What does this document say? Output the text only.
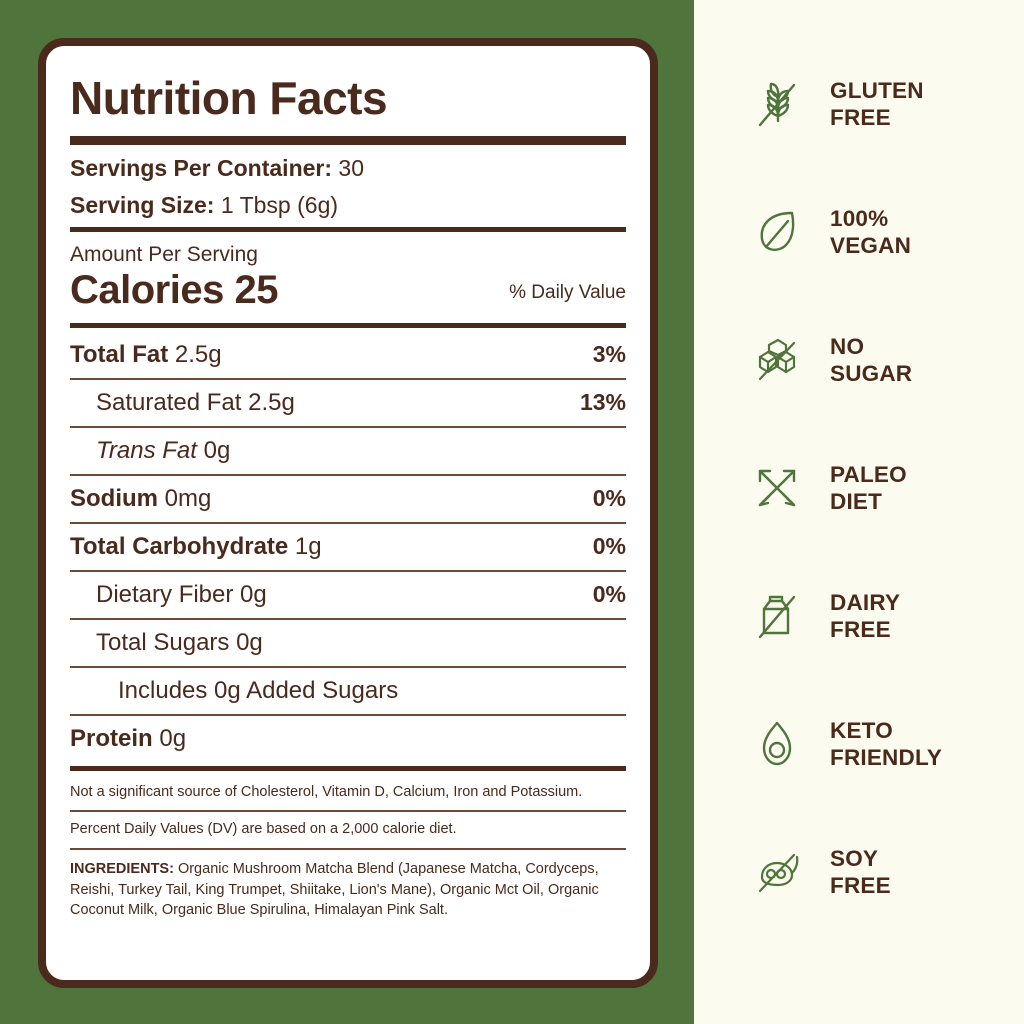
Nutrition Facts
Servings Per Container: 30
Serving Size: 1 Tbsp (6g)
Amount Per Serving
Calories 25	% Daily Value
Total Fat 2.5g	3%
Saturated Fat 2.5g	13%
Trans Fat 0g
Sodium 0mg	0%
Total Carbohydrate 1g	0%
Dietary Fiber 0g	0%
Total Sugars 0g
Includes 0g Added Sugars
Protein 0g
Not a significant source of Cholesterol, Vitamin D, Calcium, Iron and Potassium.
Percent Daily Values (DV) are based on a 2,000 calorie diet.
INGREDIENTS: Organic Mushroom Matcha Blend (Japanese Matcha, Cordyceps, Reishi, Turkey Tail, King Trumpet, Shiitake, Lion's Mane), Organic Mct Oil, Organic Coconut Milk, Organic Blue Spirulina, Himalayan Pink Salt.
GLUTEN
FREE
100%
VEGAN
NO
SUGAR
PALEO
DIET
DAIRY
FREE
KETO
FRIENDLY
SOY
FREE
